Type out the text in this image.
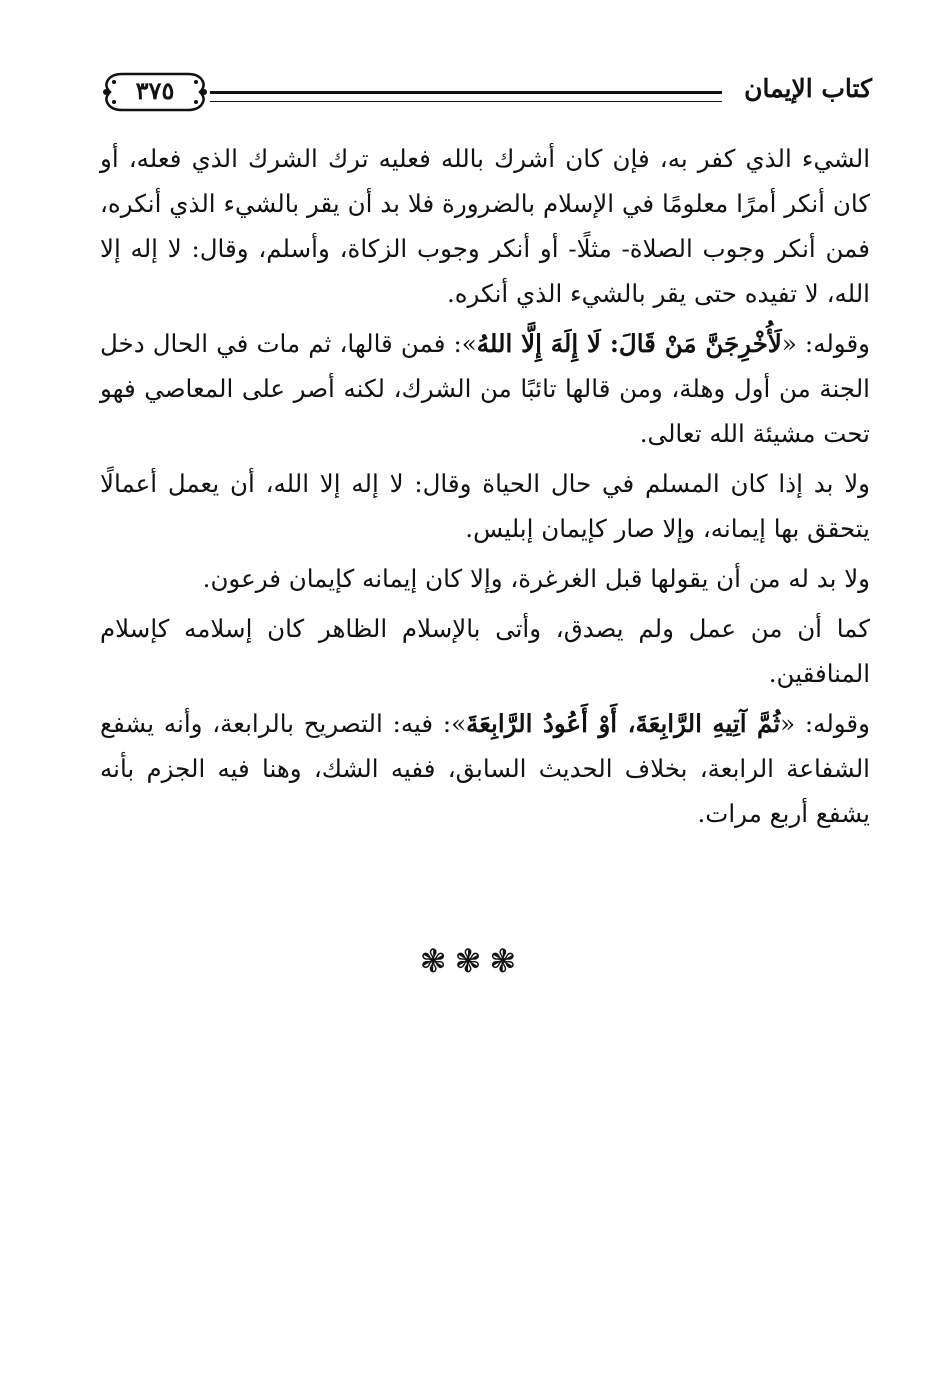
كتاب الإيمان
٣٧٥

الشيء الذي كفر به، فإن كان أشرك بالله فعليه ترك الشرك الذي فعله، أو كان أنكر أمرًا معلومًا في الإسلام بالضرورة فلا بد أن يقر بالشيء الذي أنكره، فمن أنكر وجوب الصلاة- مثلًا- أو أنكر وجوب الزكاة، وأسلم، وقال: لا إله إلا الله، لا تفيده حتى يقر بالشيء الذي أنكره.

وقوله: «لَأُخْرِجَنَّ مَنْ قَالَ: لَا إِلَهَ إِلَّا اللهُ»: فمن قالها، ثم مات في الحال دخل الجنة من أول وهلة، ومن قالها تائبًا من الشرك، لكنه أصر على المعاصي فهو تحت مشيئة الله تعالى.

ولا بد إذا كان المسلم في حال الحياة وقال: لا إله إلا الله، أن يعمل أعمالًا يتحقق بها إيمانه، وإلا صار كإيمان إبليس.

ولا بد له من أن يقولها قبل الغرغرة، وإلا كان إيمانه كإيمان فرعون.

كما أن من عمل ولم يصدق، وأتى بالإسلام الظاهر كان إسلامه كإسلام المنافقين.

وقوله: «ثُمَّ آتِيهِ الرَّابِعَةَ، أَوْ أَعُودُ الرَّابِعَةَ»: فيه: التصريح بالرابعة، وأنه يشفع الشفاعة الرابعة، بخلاف الحديث السابق، ففيه الشك، وهنا فيه الجزم بأنه يشفع أربع مرات.

❃❃❃
